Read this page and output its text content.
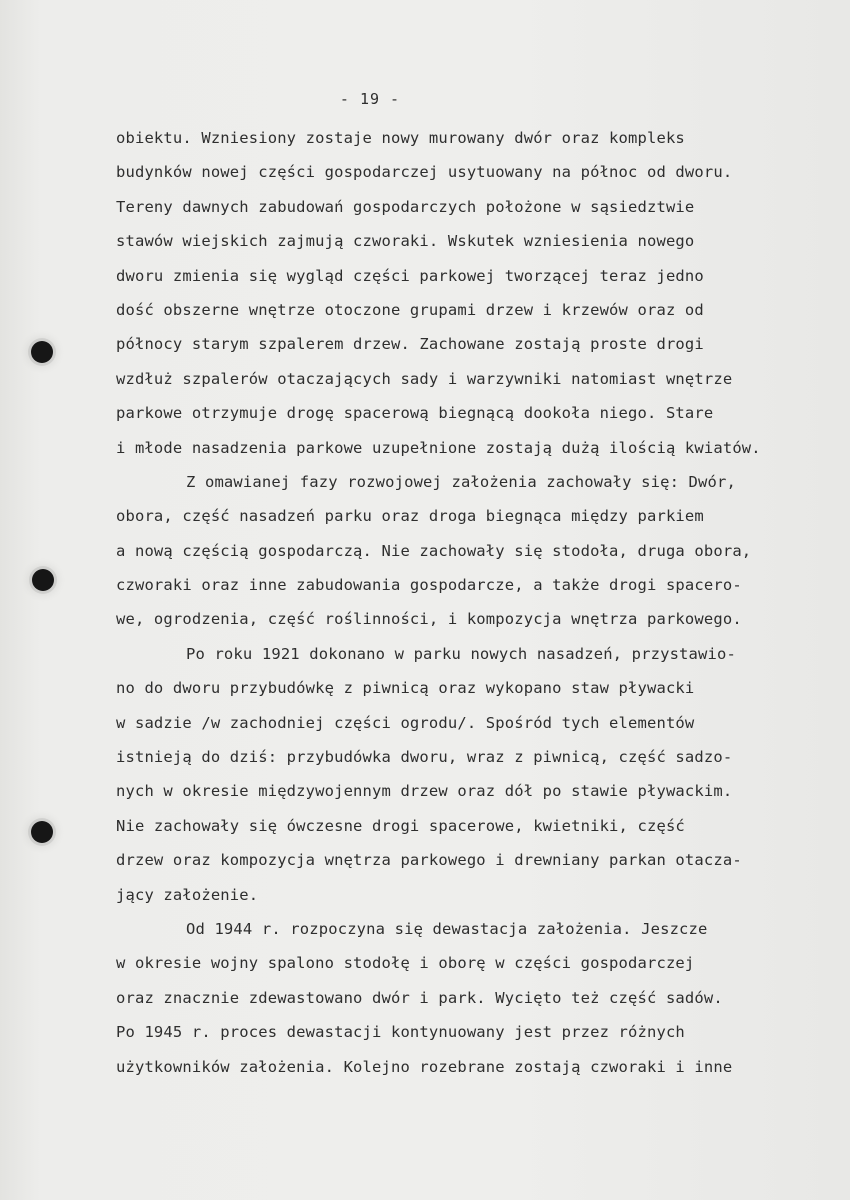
- 19 -
obiektu. Wzniesiony zostaje nowy murowany dwór oraz kompleks
budynków nowej części gospodarczej usytuowany na północ od dworu.
Tereny dawnych zabudowań gospodarczych położone w sąsiedztwie
stawów wiejskich zajmują czworaki. Wskutek wzniesienia nowego
dworu zmienia się wygląd części parkowej tworzącej teraz jedno
dość obszerne wnętrze otoczone grupami drzew i krzewów oraz od
północy starym szpalerem drzew. Zachowane zostają proste drogi
wzdłuż szpalerów otaczających sady i warzywniki natomiast wnętrze
parkowe otrzymuje drogę spacerową biegnącą dookoła niego. Stare
i młode nasadzenia parkowe uzupełnione zostają dużą ilością kwiatów.
Z omawianej fazy rozwojowej założenia zachowały się: Dwór,
obora, część nasadzeń parku oraz droga biegnąca między parkiem
a nową częścią gospodarczą. Nie zachowały się stodoła, druga obora,
czworaki oraz inne zabudowania gospodarcze, a także drogi spacero-
we, ogrodzenia, część roślinności, i kompozycja wnętrza parkowego.
Po roku 1921 dokonano w parku nowych nasadzeń, przystawio-
no do dworu przybudówkę z piwnicą oraz wykopano staw pływacki
w sadzie /w zachodniej części ogrodu/. Spośród tych elementów
istnieją do dziś: przybudówka dworu, wraz z piwnicą, część sadzo-
nych w okresie międzywojennym drzew oraz dół po stawie pływackim.
Nie zachowały się ówczesne drogi spacerowe, kwietniki, część
drzew oraz kompozycja wnętrza parkowego i drewniany parkan otacza-
jący założenie.
Od 1944 r. rozpoczyna się dewastacja założenia. Jeszcze
w okresie wojny spalono stodołę i oborę w części gospodarczej
oraz znacznie zdewastowano dwór i park. Wycięto też część sadów.
Po 1945 r. proces dewastacji kontynuowany jest przez różnych
użytkowników założenia. Kolejno rozebrane zostają czworaki i inne
